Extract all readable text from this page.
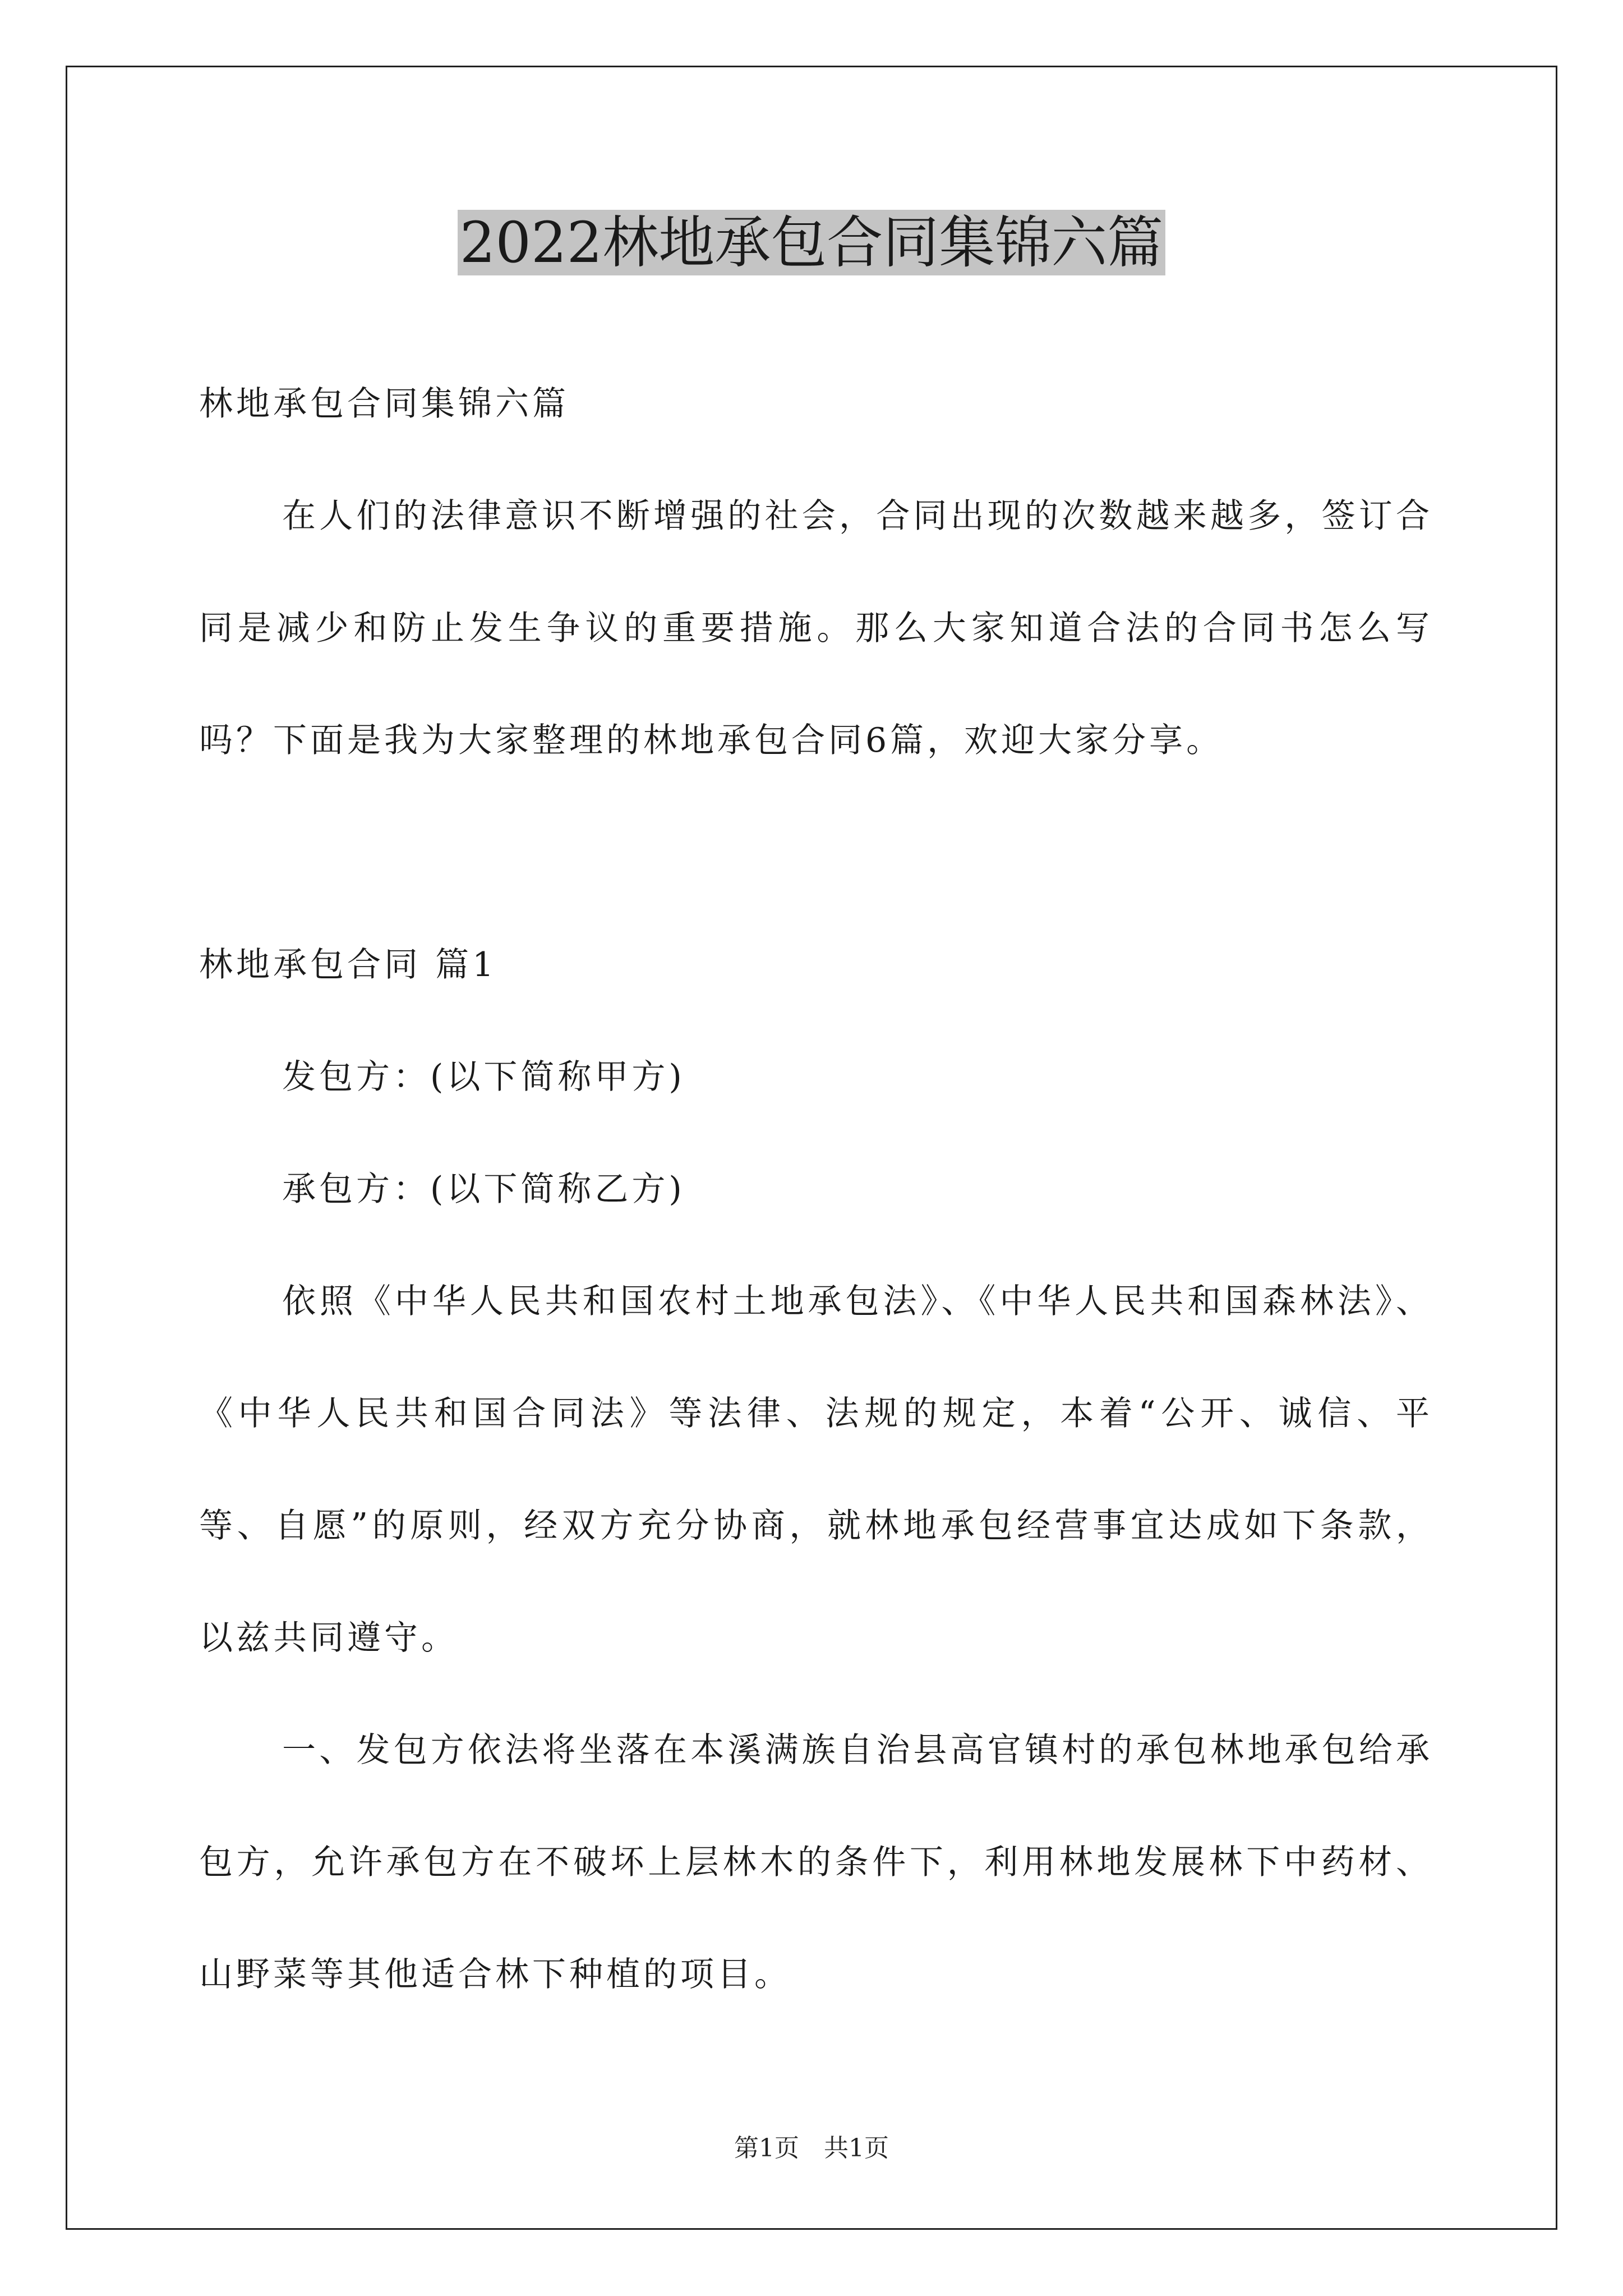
2022林地承包合同集锦六篇

林地承包合同集锦六篇

在人们的法律意识不断增强的社会，合同出现的次数越来越多，签订合同是减少和防止发生争议的重要措施。那么大家知道合法的合同书怎么写吗？下面是我为大家整理的林地承包合同6篇，欢迎大家分享。

林地承包合同 篇1

发包方：(以下简称甲方)

承包方：(以下简称乙方)

依照《中华人民共和国农村土地承包法》、《中华人民共和国森林法》、《中华人民共和国合同法》等法律、法规的规定，本着“公开、诚信、平等、自愿”的原则，经双方充分协商，就林地承包经营事宜达成如下条款，以兹共同遵守。

一、发包方依法将坐落在本溪满族自治县高官镇村的承包林地承包给承包方，允许承包方在不破坏上层林木的条件下，利用林地发展林下中药材、山野菜等其他适合林下种植的项目。

第1页　共1页
